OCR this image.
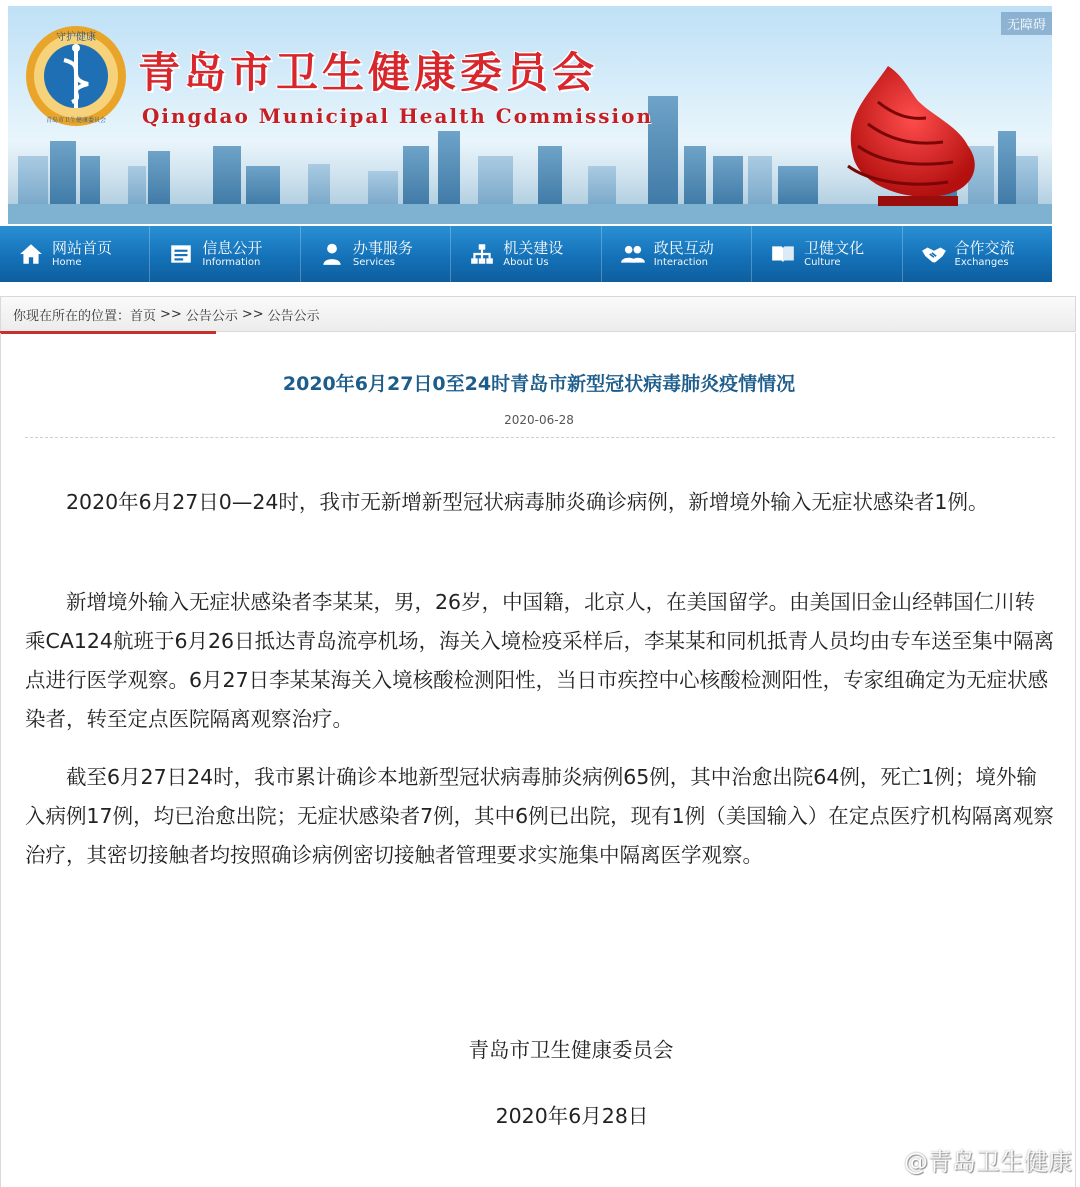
无障碍
守护健康
青岛市卫生健康委员会
青岛市卫生健康委员会
Qingdao Municipal Health Commission
网站首页
Home
信息公开
Information
办事服务
Services
机关建设
About Us
政民互动
Interaction
卫健文化
Culture
合作交流
Exchanges
你现在所在的位置： 首页 >> 公告公示 >> 公告公示
2020年6月27日0至24时青岛市新型冠状病毒肺炎疫情情况
2020-06-28

2020年6月27日0—24时，我市无新增新型冠状病毒肺炎确诊病例，新增境外输入无症状感染者1例。

新增境外输入无症状感染者李某某，男，26岁，中国籍，北京人，在美国留学。由美国旧金山经韩国仁川转乘CA124航班于6月26日抵达青岛流亭机场，海关入境检疫采样后，李某某和同机抵青人员均由专车送至集中隔离点进行医学观察。6月27日李某某海关入境核酸检测阳性，当日市疾控中心核酸检测阳性，专家组确定为无症状感染者，转至定点医院隔离观察治疗。

截至6月27日24时，我市累计确诊本地新型冠状病毒肺炎病例65例，其中治愈出院64例，死亡1例；境外输入病例17例，均已治愈出院；无症状感染者7例，其中6例已出院，现有1例（美国输入）在定点医疗机构隔离观察治疗，其密切接触者均按照确诊病例密切接触者管理要求实施集中隔离医学观察。

青岛市卫生健康委员会
2020年6月28日
@青岛卫生健康
